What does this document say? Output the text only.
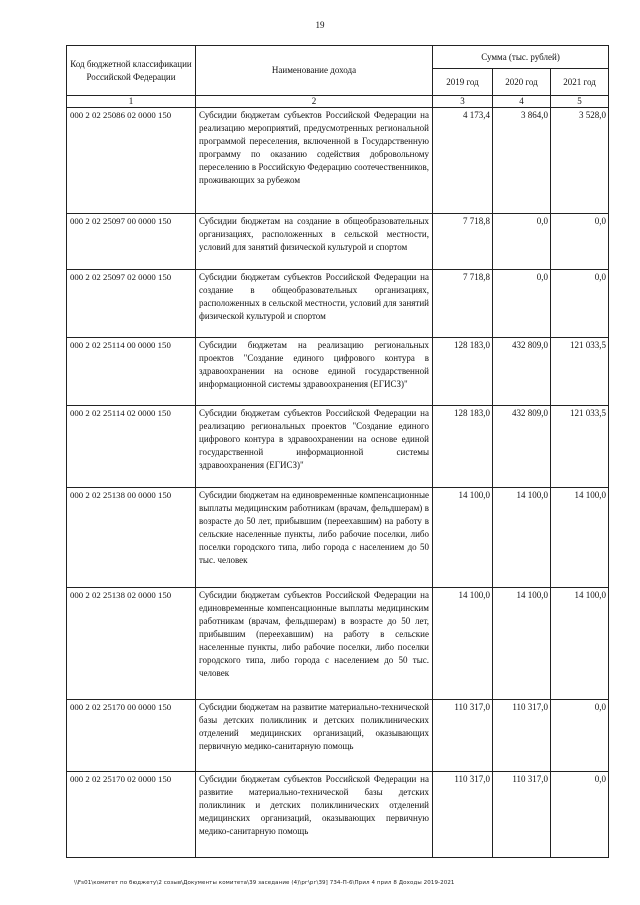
19
Код бюджетной классификации Российской Федерации	Наименование дохода	Сумма (тыс. рублей)		
		2019 год	2020 год	2021 год
1	2	3	4	5
000 2 02 25086 02 0000 150	Субсидии бюджетам субъектов Российской Федерации на реализацию мероприятий, предусмотренных региональной программой переселения, включенной в Государственную программу по оказанию содействия добровольному переселению в Российскую Федерацию соотечественников, проживающих за рубежом	4 173,4	3 864,0	3 528,0
000 2 02 25097 00 0000 150	Субсидии бюджетам на создание в общеобразовательных организациях, расположенных в сельской местности, условий для занятий физической культурой и спортом	7 718,8	0,0	0,0
000 2 02 25097 02 0000 150	Субсидии бюджетам субъектов Российской Федерации на создание в общеобразовательных организациях, расположенных в сельской местности, условий для занятий физической культурой и спортом	7 718,8	0,0	0,0
000 2 02 25114 00 0000 150	Субсидии бюджетам на реализацию региональных проектов "Создание единого цифрового контура в здравоохранении на основе единой государственной информационной системы здравоохранения (ЕГИСЗ)"	128 183,0	432 809,0	121 033,5
000 2 02 25114 02 0000 150	Субсидии бюджетам субъектов Российской Федерации на реализацию региональных проектов "Создание единого цифрового контура в здравоохранении на основе единой государственной информационной системы здравоохранения (ЕГИСЗ)"	128 183,0	432 809,0	121 033,5
000 2 02 25138 00 0000 150	Субсидии бюджетам на единовременные компенсационные выплаты медицинским работникам (врачам, фельдшерам) в возрасте до 50 лет, прибывшим (переехавшим) на работу в сельские населенные пункты, либо рабочие поселки, либо поселки городского типа, либо города с населением до 50 тыс. человек	14 100,0	14 100,0	14 100,0
000 2 02 25138 02 0000 150	Субсидии бюджетам субъектов Российской Федерации на единовременные компенсационные выплаты медицинским работникам (врачам, фельдшерам) в возрасте до 50 лет, прибывшим (переехавшим) на работу в сельские населенные пункты, либо рабочие поселки, либо поселки городского типа, либо города с населением до 50 тыс. человек	14 100,0	14 100,0	14 100,0
000 2 02 25170 00 0000 150	Субсидии бюджетам на развитие материально-технической базы детских поликлиник и детских поликлинических отделений медицинских организаций, оказывающих первичную медико-санитарную помощь	110 317,0	110 317,0	0,0
000 2 02 25170 02 0000 150	Субсидии бюджетам субъектов Российской Федерации на развитие материально-технической базы детских поликлиник и детских поликлинических отделений медицинских организаций, оказывающих первичную медико-санитарную помощь	110 317,0	110 317,0	0,0
\\Fs01\комитет по бюджету\2 созыв\Документы комитета\39 заседание (4)\рг\рг\39] 734-П-6\Прил 4 прил 8 Доходы 2019-2021
